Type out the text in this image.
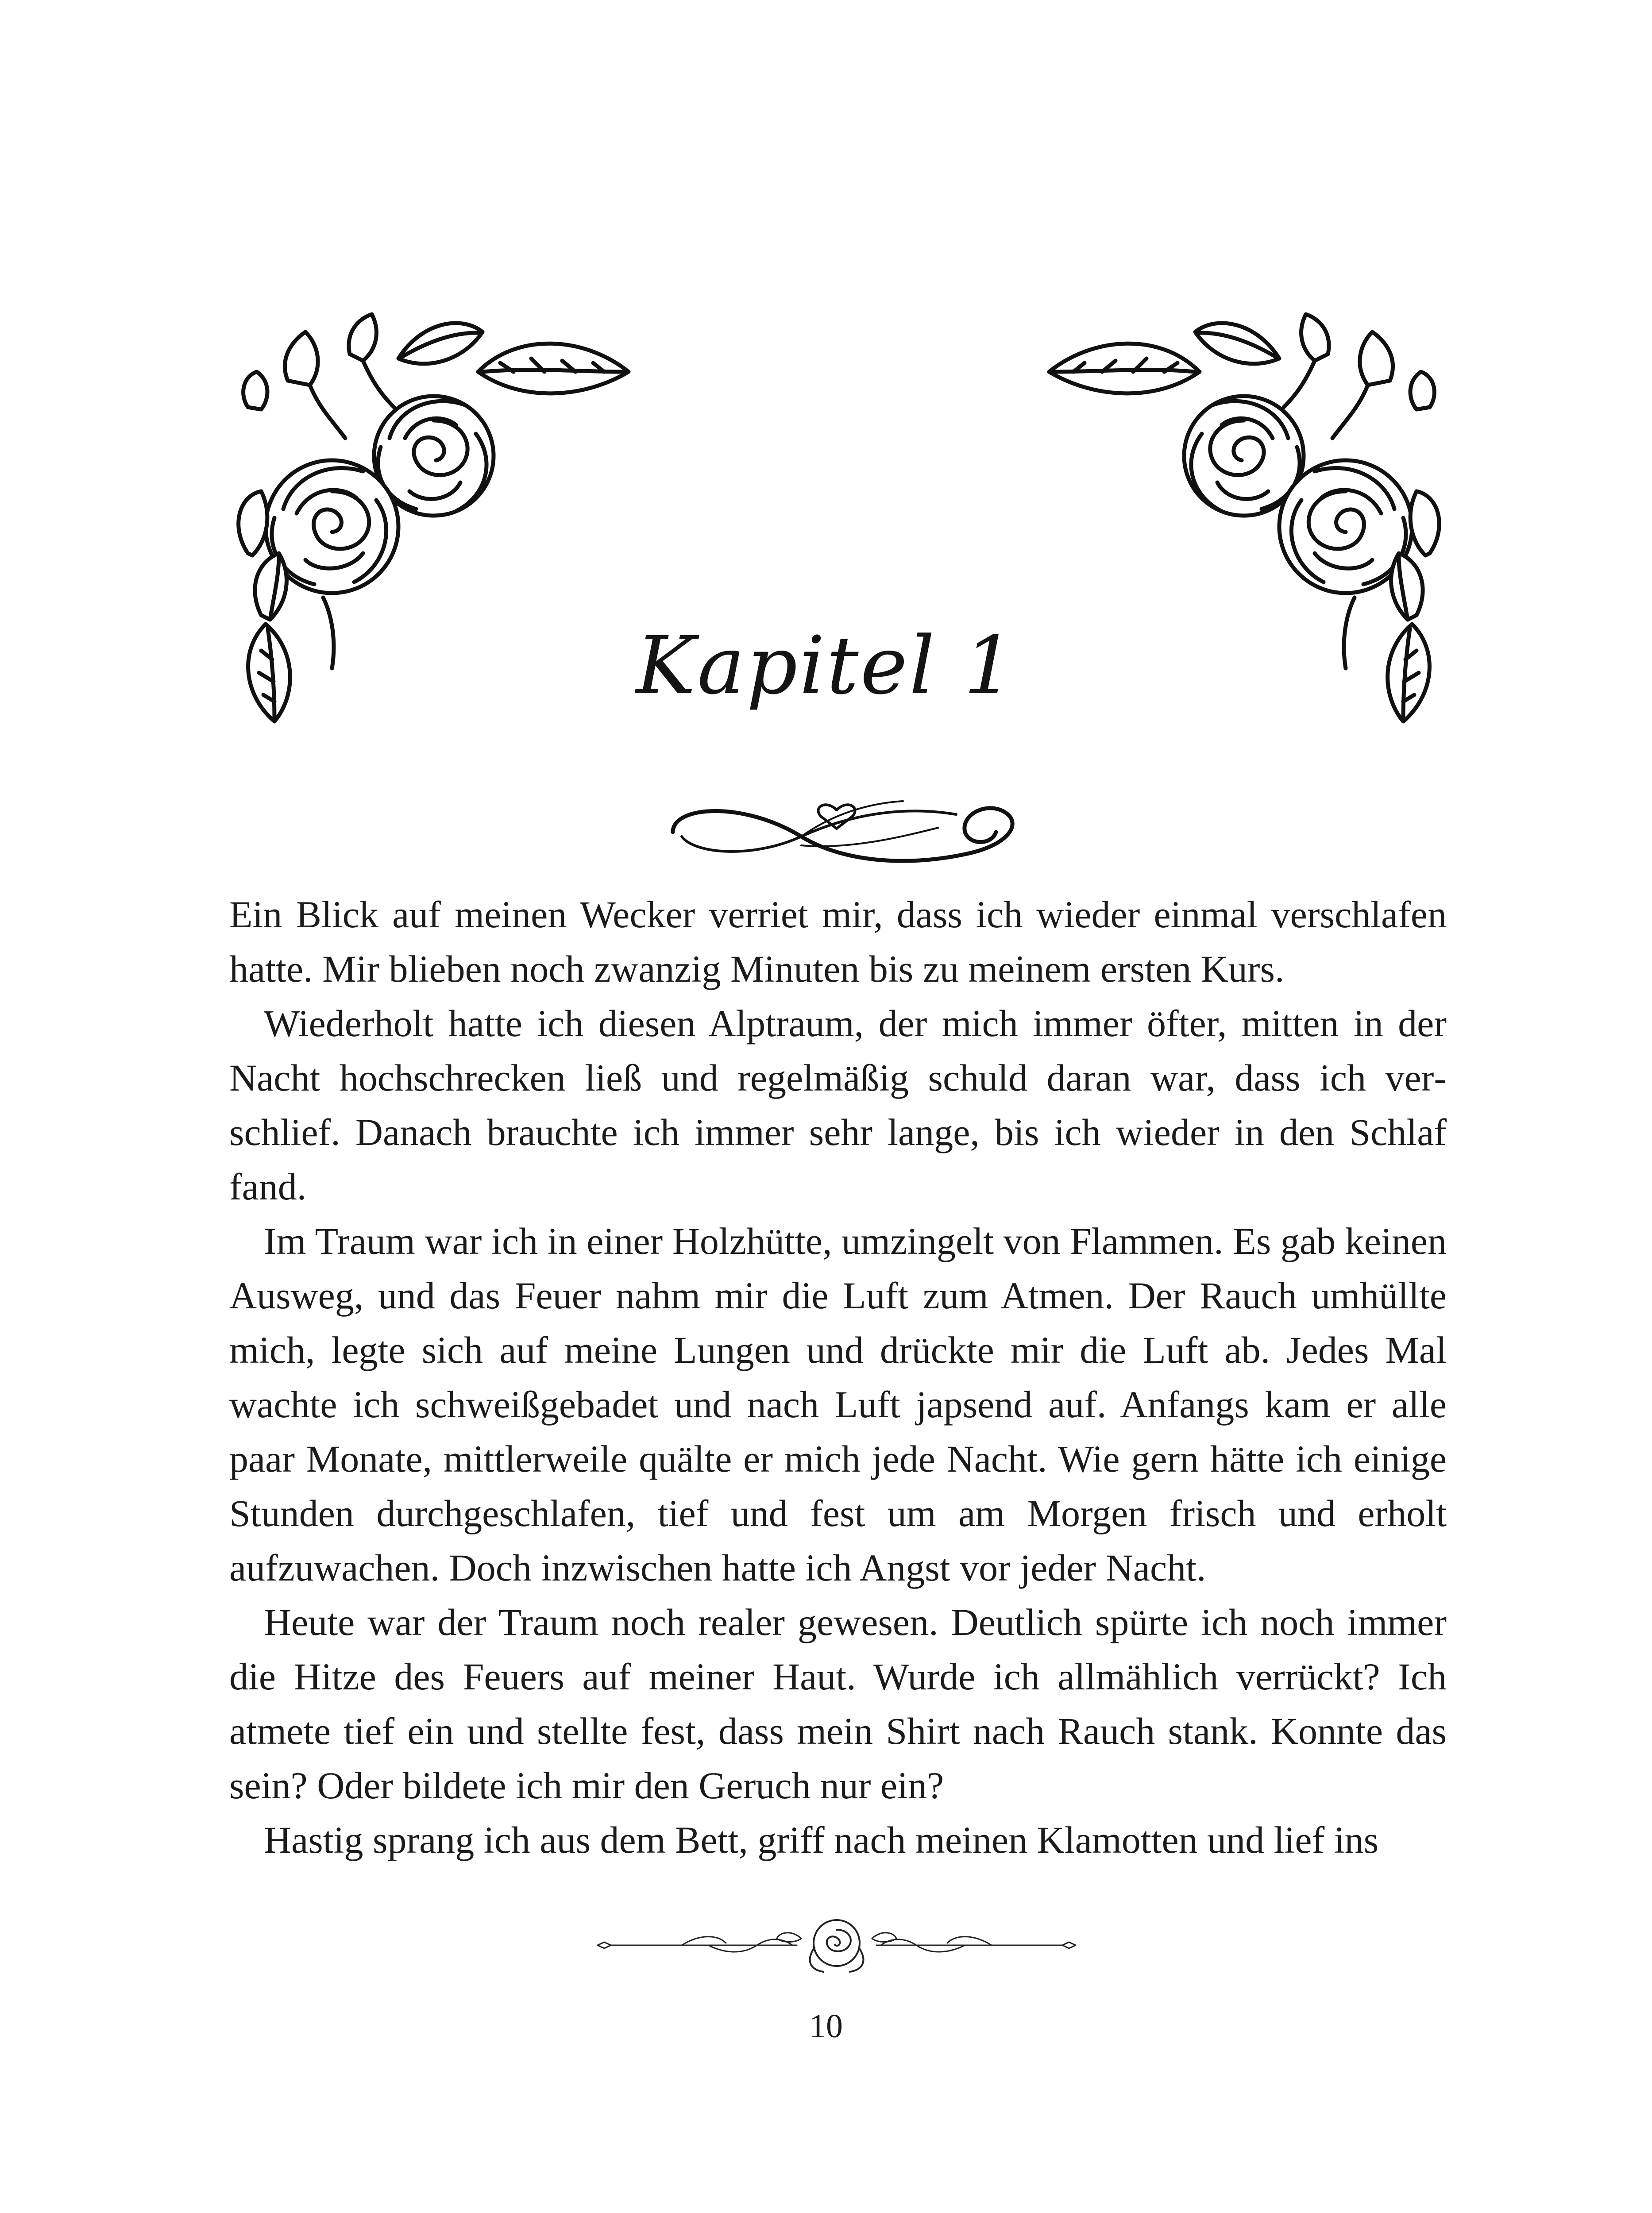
Kapitel 1

Ein Blick auf meinen Wecker verriet mir, dass ich wieder einmal verschlafen hatte. Mir blieben noch zwanzig Minuten bis zu meinem ersten Kurs.

Wiederholt hatte ich diesen Alptraum, der mich immer öfter, mitten in der Nacht hochschrecken ließ und regelmäßig schuld daran war, dass ich verschlief. Danach brauchte ich immer sehr lange, bis ich wieder in den Schlaf fand.

Im Traum war ich in einer Holzhütte, umzingelt von Flammen. Es gab keinen Ausweg, und das Feuer nahm mir die Luft zum Atmen. Der Rauch umhüllte mich, legte sich auf meine Lungen und drückte mir die Luft ab. Jedes Mal wachte ich schweißgebadet und nach Luft japsend auf. Anfangs kam er alle paar Monate, mittlerweile quälte er mich jede Nacht. Wie gern hätte ich einige Stunden durchgeschlafen, tief und fest um am Morgen frisch und erholt aufzuwachen. Doch inzwischen hatte ich Angst vor jeder Nacht.

Heute war der Traum noch realer gewesen. Deutlich spürte ich noch immer die Hitze des Feuers auf meiner Haut. Wurde ich allmählich verrückt? Ich atmete tief ein und stellte fest, dass mein Shirt nach Rauch stank. Konnte das sein? Oder bildete ich mir den Geruch nur ein?

Hastig sprang ich aus dem Bett, griff nach meinen Klamotten und lief ins

10
